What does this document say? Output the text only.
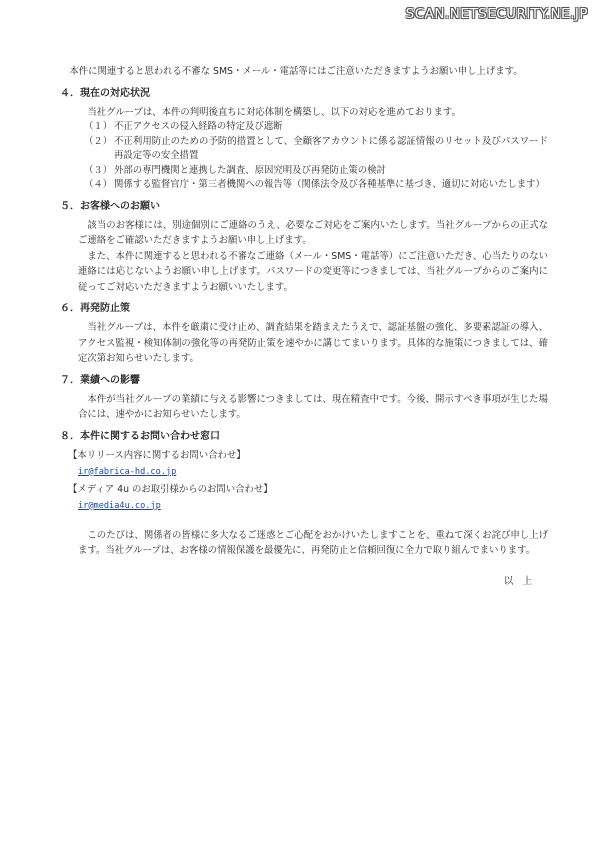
SCAN.NETSECURITY.NE.JP

本件に関連すると思われる不審な SMS・メール・電話等にはご注意いただきますようお願い申し上げます。

４．現在の対応状況

当社グループは、本件の判明後直ちに対応体制を構築し、以下の対応を進めております。

（１） 不正アクセスの侵入経路の特定及び遮断
（２） 不正利用防止のための予防的措置として、全顧客アカウントに係る認証情報のリセット及びパスワード再設定等の安全措置
（３） 外部の専門機関と連携した調査、原因究明及び再発防止策の検討
（４） 関係する監督官庁・第三者機関への報告等（関係法令及び各種基準に基づき、適切に対応いたします）
５．お客様へのお願い

該当のお客様には、別途個別にご連絡のうえ、必要なご対応をご案内いたします。当社グループからの正式なご連絡をご確認いただきますようお願い申し上げます。

また、本件に関連すると思われる不審なご連絡（メール・SMS・電話等）にご注意いただき、心当たりのない連絡には応じないようお願い申し上げます。パスワードの変更等につきましては、当社グループからのご案内に従ってご対応いただきますようお願いいたします。

６．再発防止策

当社グループは、本件を厳粛に受け止め、調査結果を踏まえたうえで、認証基盤の強化、多要素認証の導入、アクセス監視・検知体制の強化等の再発防止策を速やかに講じてまいります。具体的な施策につきましては、確定次第お知らせいたします。

７．業績への影響

本件が当社グループの業績に与える影響につきましては、現在精査中です。今後、開示すべき事項が生じた場合には、速やかにお知らせいたします。

８．本件に関するお問い合わせ窓口
【本リリース内容に関するお問い合わせ】
ir@fabrica-hd.co.jp
【メディア 4u のお取引様からのお問い合わせ】
ir@media4u.co.jp

このたびは、関係者の皆様に多大なるご迷惑とご心配をおかけいたしますことを、重ねて深くお詫び申し上げます。当社グループは、お客様の情報保護を最優先に、再発防止と信頼回復に全力で取り組んでまいります。

以　上
